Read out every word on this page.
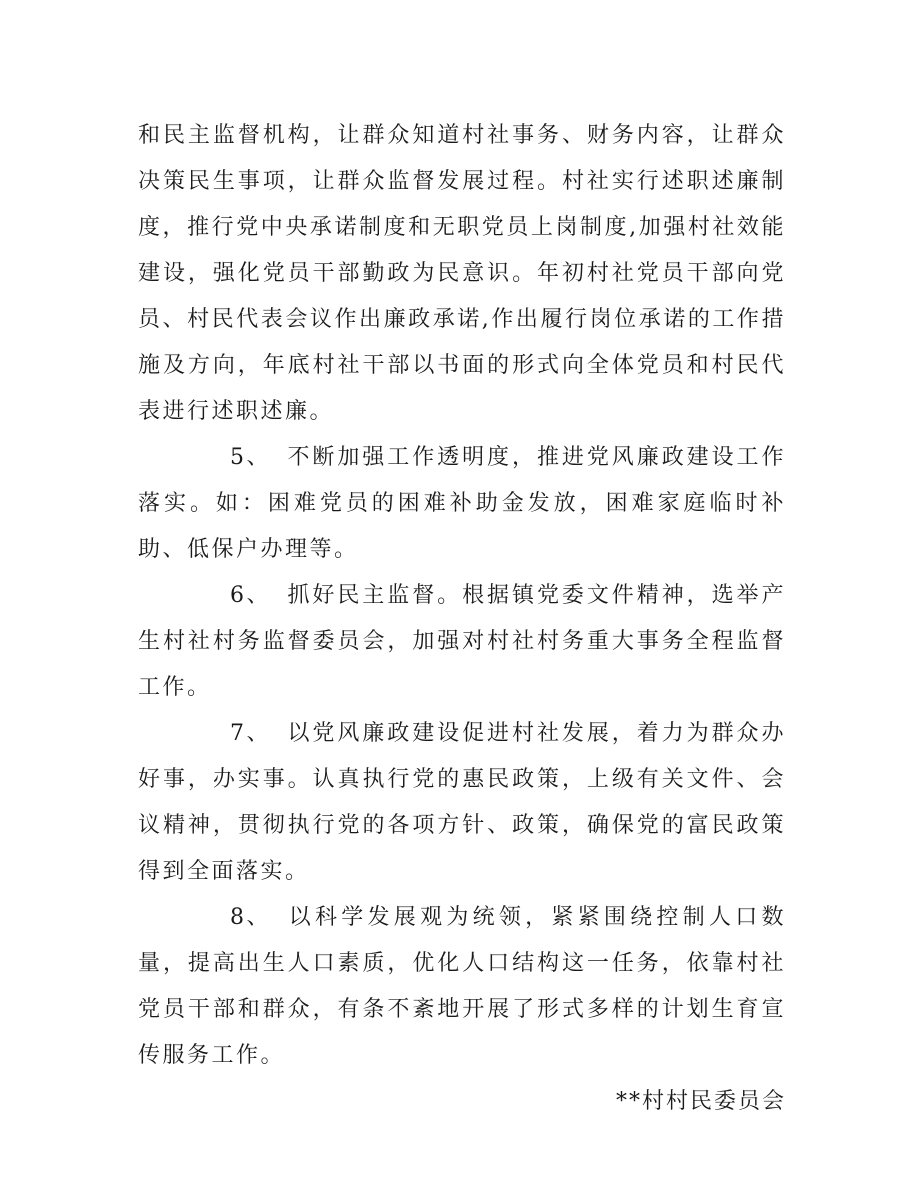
和民主监督机构，让群众知道村社事务、财务内容，让群众决策民生事项，让群众监督发展过程。村社实行述职述廉制度，推行党中央承诺制度和无职党员上岗制度,加强村社效能建设，强化党员干部勤政为民意识。年初村社党员干部向党员、村民代表会议作出廉政承诺,作出履行岗位承诺的工作措施及方向，年底村社干部以书面的形式向全体党员和村民代表进行述职述廉。

5、 不断加强工作透明度，推进党风廉政建设工作落实。如：困难党员的困难补助金发放，困难家庭临时补助、低保户办理等。

6、 抓好民主监督。根据镇党委文件精神，选举产生村社村务监督委员会，加强对村社村务重大事务全程监督工作。

7、 以党风廉政建设促进村社发展，着力为群众办好事，办实事。认真执行党的惠民政策，上级有关文件、会议精神，贯彻执行党的各项方针、政策，确保党的富民政策得到全面落实。

8、 以科学发展观为统领，紧紧围绕控制人口数量，提高出生人口素质，优化人口结构这一任务，依靠村社党员干部和群众，有条不紊地开展了形式多样的计划生育宣传服务工作。

**村村民委员会
